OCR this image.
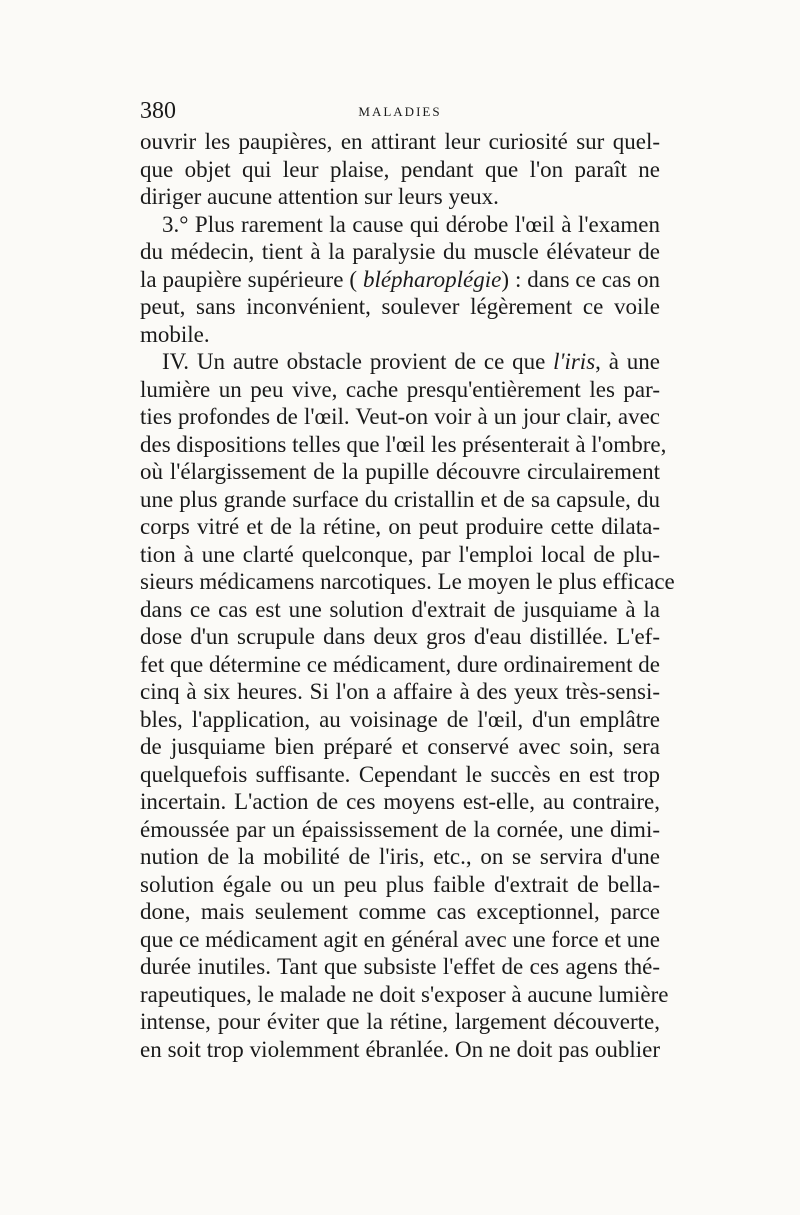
380	MALADIES
ouvrir les paupières, en attirant leur curiosité sur quel-
que objet qui leur plaise, pendant que l'on paraît ne
diriger aucune attention sur leurs yeux.
3.° Plus rarement la cause qui dérobe l'œil à l'examen
du médecin, tient à la paralysie du muscle élévateur de
la paupière supérieure ( blépharoplégie) : dans ce cas on
peut, sans inconvénient, soulever légèrement ce voile
mobile.
IV. Un autre obstacle provient de ce que l'iris, à une
lumière un peu vive, cache presqu'entièrement les par-
ties profondes de l'œil. Veut-on voir à un jour clair, avec
des dispositions telles que l'œil les présenterait à l'ombre,
où l'élargissement de la pupille découvre circulairement
une plus grande surface du cristallin et de sa capsule, du
corps vitré et de la rétine, on peut produire cette dilata-
tion à une clarté quelconque, par l'emploi local de plu-
sieurs médicamens narcotiques. Le moyen le plus efficace
dans ce cas est une solution d'extrait de jusquiame à la
dose d'un scrupule dans deux gros d'eau distillée. L'ef-
fet que détermine ce médicament, dure ordinairement de
cinq à six heures. Si l'on a affaire à des yeux très-sensi-
bles, l'application, au voisinage de l'œil, d'un emplâtre
de jusquiame bien préparé et conservé avec soin, sera
quelquefois suffisante. Cependant le succès en est trop
incertain. L'action de ces moyens est-elle, au contraire,
émoussée par un épaississement de la cornée, une dimi-
nution de la mobilité de l'iris, etc., on se servira d'une
solution égale ou un peu plus faible d'extrait de bella-
done, mais seulement comme cas exceptionnel, parce
que ce médicament agit en général avec une force et une
durée inutiles. Tant que subsiste l'effet de ces agens thé-
rapeutiques, le malade ne doit s'exposer à aucune lumière
intense, pour éviter que la rétine, largement découverte,
en soit trop violemment ébranlée. On ne doit pas oublier
